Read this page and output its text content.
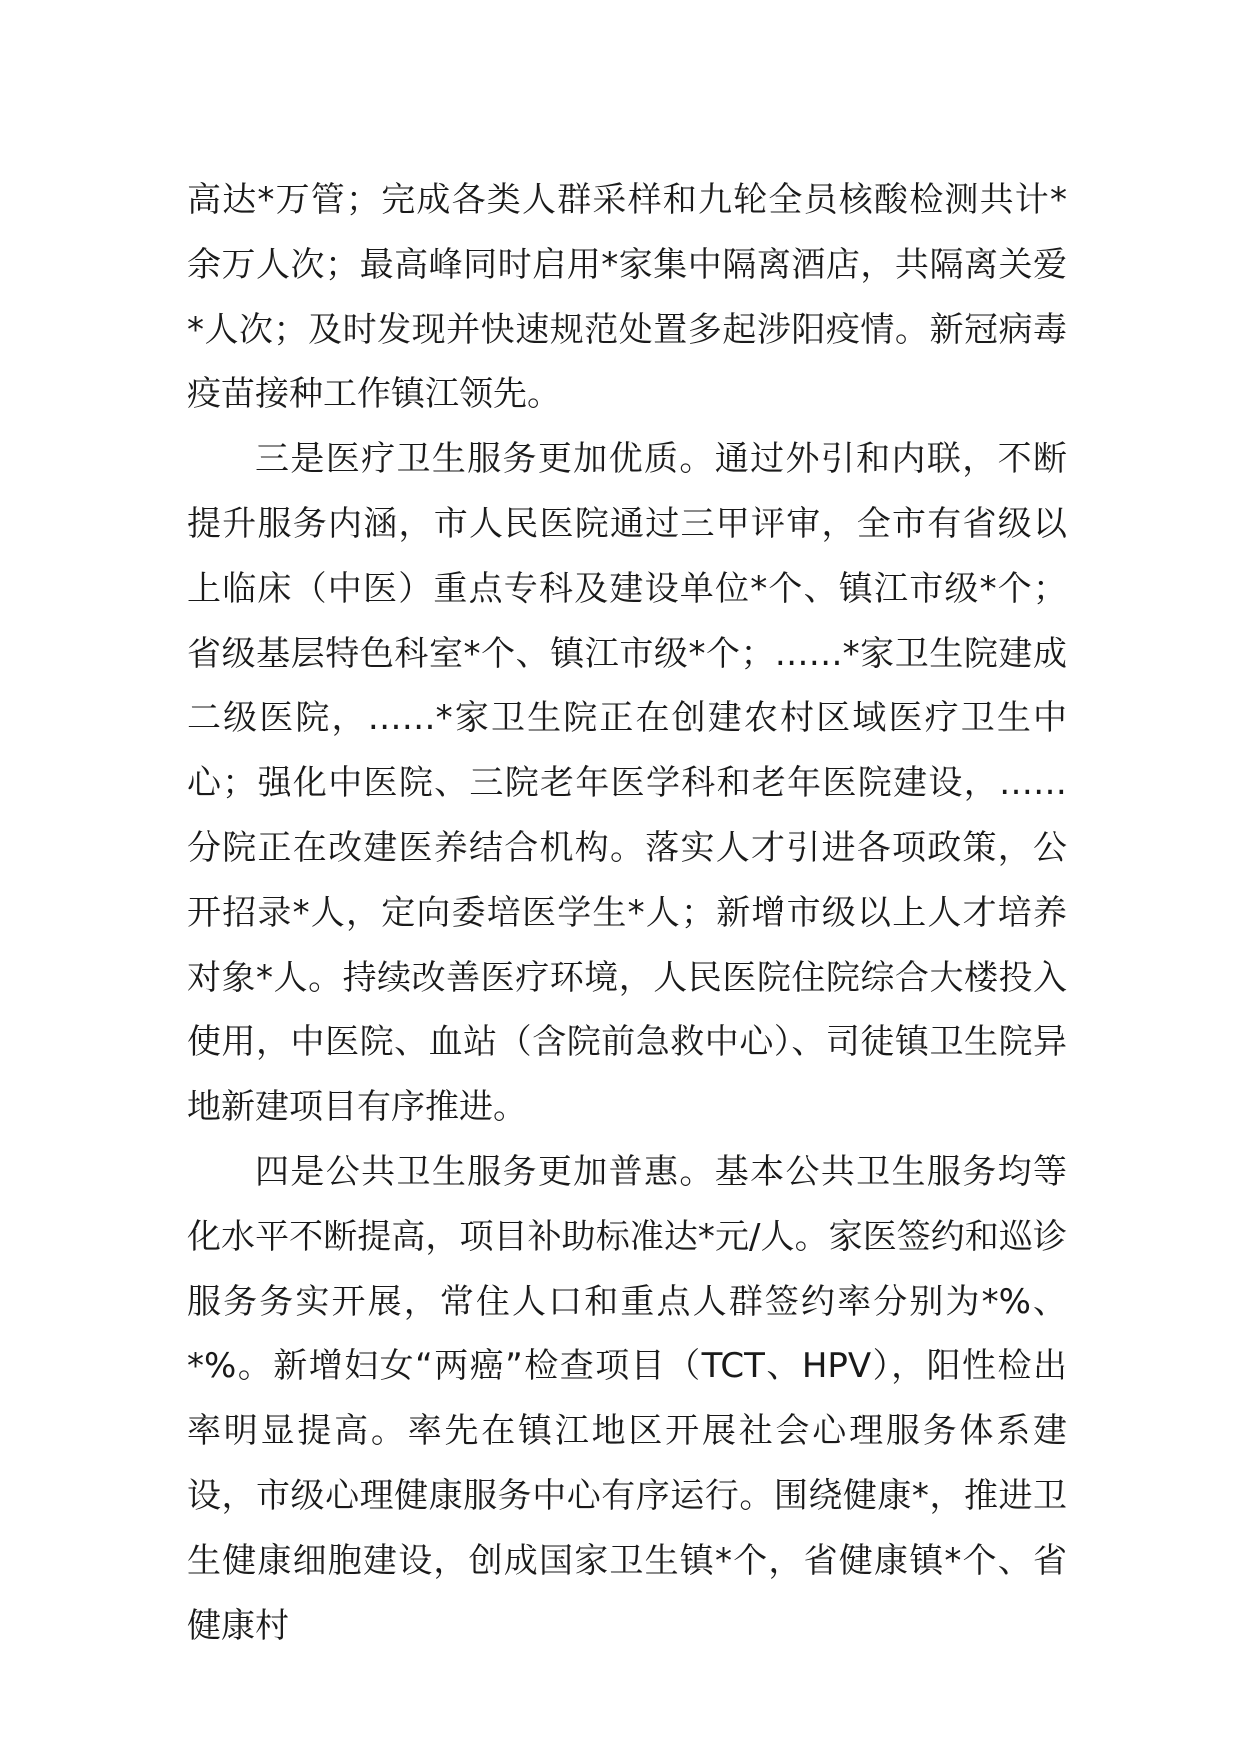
高达*万管；完成各类人群采样和九轮全员核酸检测共计*余万人次；最高峰同时启用*家集中隔离酒店，共隔离关爱*人次；及时发现并快速规范处置多起涉阳疫情。新冠病毒疫苗接种工作镇江领先。

三是医疗卫生服务更加优质。通过外引和内联，不断提升服务内涵，市人民医院通过三甲评审，全市有省级以上临床（中医）重点专科及建设单位*个、镇江市级*个；省级基层特色科室*个、镇江市级*个；……*家卫生院建成二级医院，……*家卫生院正在创建农村区域医疗卫生中心；强化中医院、三院老年医学科和老年医院建设，……分院正在改建医养结合机构。落实人才引进各项政策，公开招录*人，定向委培医学生*人；新增市级以上人才培养对象*人。持续改善医疗环境，人民医院住院综合大楼投入使用，中医院、血站（含院前急救中心）、司徒镇卫生院异地新建项目有序推进。

四是公共卫生服务更加普惠。基本公共卫生服务均等化水平不断提高，项目补助标准达*元/人。家医签约和巡诊服务务实开展，常住人口和重点人群签约率分别为*%、*%。新增妇女“两癌”检查项目（TCT、HPV），阳性检出率明显提高。率先在镇江地区开展社会心理服务体系建设，市级心理健康服务中心有序运行。围绕健康*，推进卫生健康细胞建设，创成国家卫生镇*个，省健康镇*个、省健康村
